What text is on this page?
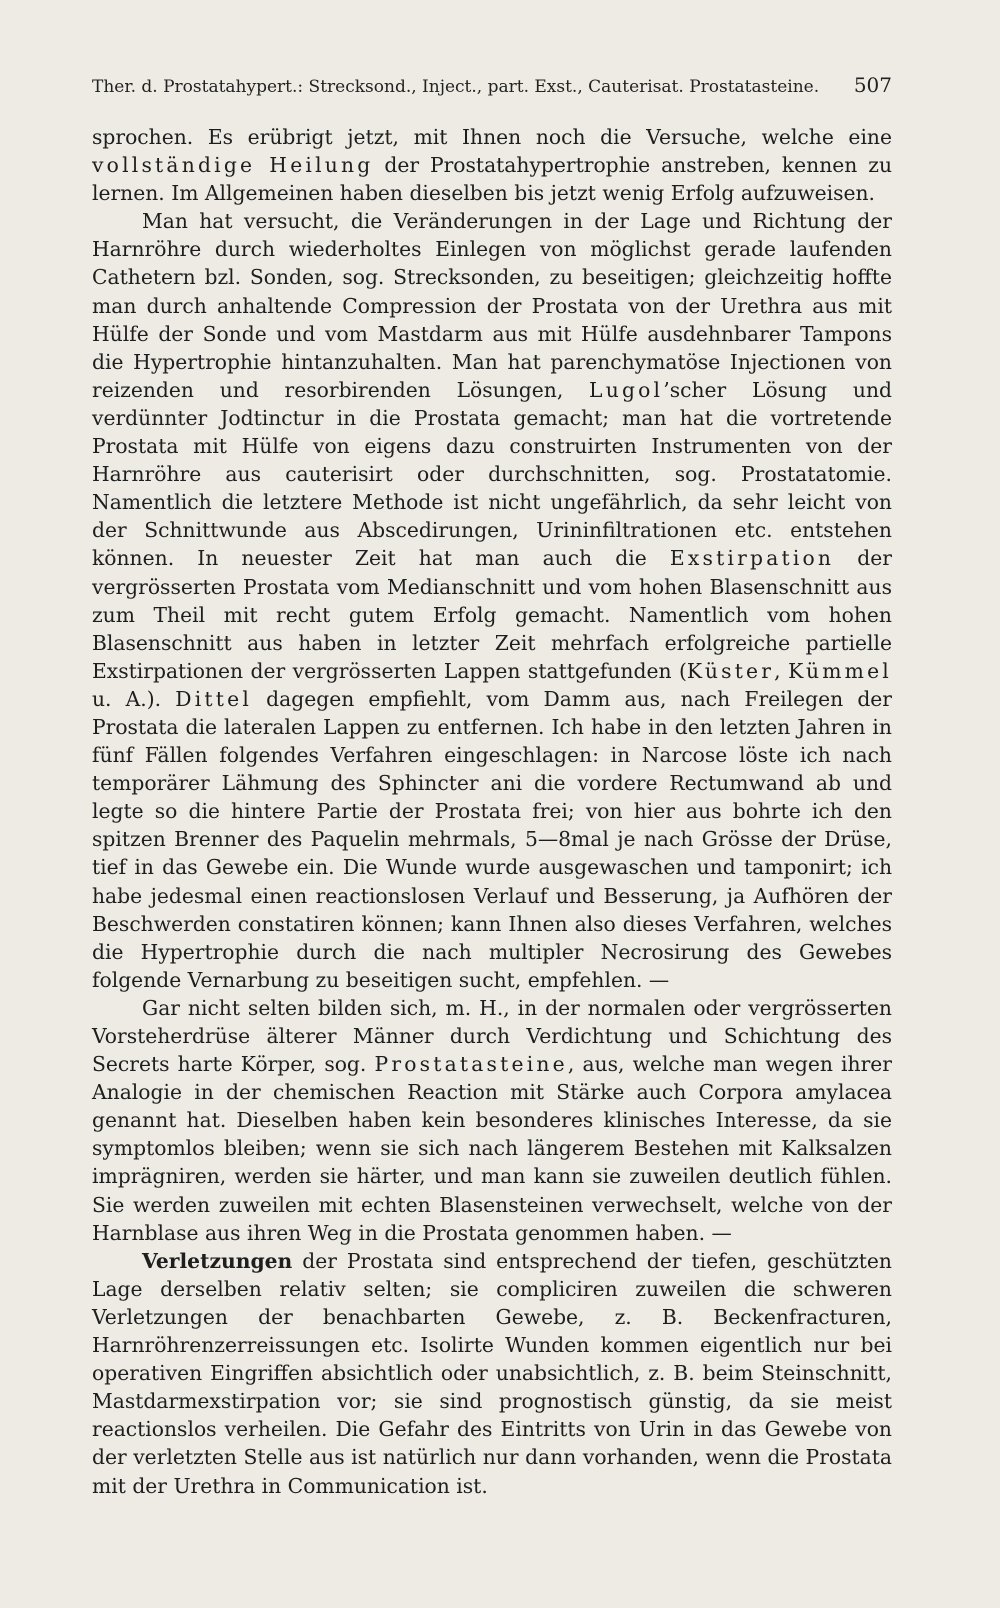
Ther. d. Prostatahypert.: Strecksond., Inject., part. Exst., Cauterisat. Prostatasteine. 507

sprochen. Es erübrigt jetzt, mit Ihnen noch die Versuche, welche eine vollständige Heilung der Prostatahypertrophie anstreben, kennen zu lernen. Im Allgemeinen haben dieselben bis jetzt wenig Erfolg aufzuweisen.

Man hat versucht, die Veränderungen in der Lage und Richtung der Harnröhre durch wiederholtes Einlegen von möglichst gerade laufenden Cathetern bzl. Sonden, sog. Strecksonden, zu beseitigen; gleichzeitig hoffte man durch anhaltende Compression der Prostata von der Urethra aus mit Hülfe der Sonde und vom Mastdarm aus mit Hülfe ausdehnbarer Tampons die Hypertrophie hintanzuhalten. Man hat parenchymatöse Injectionen von reizenden und resorbirenden Lösungen, Lugol’scher Lösung und verdünnter Jodtinctur in die Prostata gemacht; man hat die vortretende Prostata mit Hülfe von eigens dazu construirten Instrumenten von der Harnröhre aus cauterisirt oder durchschnitten, sog. Prostatatomie. Namentlich die letztere Methode ist nicht ungefährlich, da sehr leicht von der Schnittwunde aus Abscedirungen, Urininfiltrationen etc. entstehen können. In neuester Zeit hat man auch die Exstirpation der vergrösserten Prostata vom Medianschnitt und vom hohen Blasenschnitt aus zum Theil mit recht gutem Erfolg gemacht. Namentlich vom hohen Blasenschnitt aus haben in letzter Zeit mehrfach erfolgreiche partielle Exstirpationen der vergrösserten Lappen stattgefunden (Küster, Kümmel u. A.). Dittel dagegen empfiehlt, vom Damm aus, nach Freilegen der Prostata die lateralen Lappen zu entfernen. Ich habe in den letzten Jahren in fünf Fällen folgendes Verfahren eingeschlagen: in Narcose löste ich nach temporärer Lähmung des Sphincter ani die vordere Rectumwand ab und legte so die hintere Partie der Prostata frei; von hier aus bohrte ich den spitzen Brenner des Paquelin mehrmals, 5—8mal je nach Grösse der Drüse, tief in das Gewebe ein. Die Wunde wurde ausgewaschen und tamponirt; ich habe jedesmal einen reactionslosen Verlauf und Besserung, ja Aufhören der Beschwerden constatiren können; kann Ihnen also dieses Verfahren, welches die Hypertrophie durch die nach multipler Necrosirung des Gewebes folgende Vernarbung zu beseitigen sucht, empfehlen. —

Gar nicht selten bilden sich, m. H., in der normalen oder vergrösserten Vorsteherdrüse älterer Männer durch Verdichtung und Schichtung des Secrets harte Körper, sog. Prostatasteine, aus, welche man wegen ihrer Analogie in der chemischen Reaction mit Stärke auch Corpora amylacea genannt hat. Dieselben haben kein besonderes klinisches Interesse, da sie symptomlos bleiben; wenn sie sich nach längerem Bestehen mit Kalksalzen imprägniren, werden sie härter, und man kann sie zuweilen deutlich fühlen. Sie werden zuweilen mit echten Blasensteinen verwechselt, welche von der Harnblase aus ihren Weg in die Prostata genommen haben. —

Verletzungen der Prostata sind entsprechend der tiefen, geschützten Lage derselben relativ selten; sie compliciren zuweilen die schweren Verletzungen der benachbarten Gewebe, z. B. Beckenfracturen, Harnröhrenzerreissungen etc. Isolirte Wunden kommen eigentlich nur bei operativen Eingriffen absichtlich oder unabsichtlich, z. B. beim Steinschnitt, Mastdarmexstirpation vor; sie sind prognostisch günstig, da sie meist reactionslos verheilen. Die Gefahr des Eintritts von Urin in das Gewebe von der verletzten Stelle aus ist natürlich nur dann vorhanden, wenn die Prostata mit der Urethra in Communication ist.
